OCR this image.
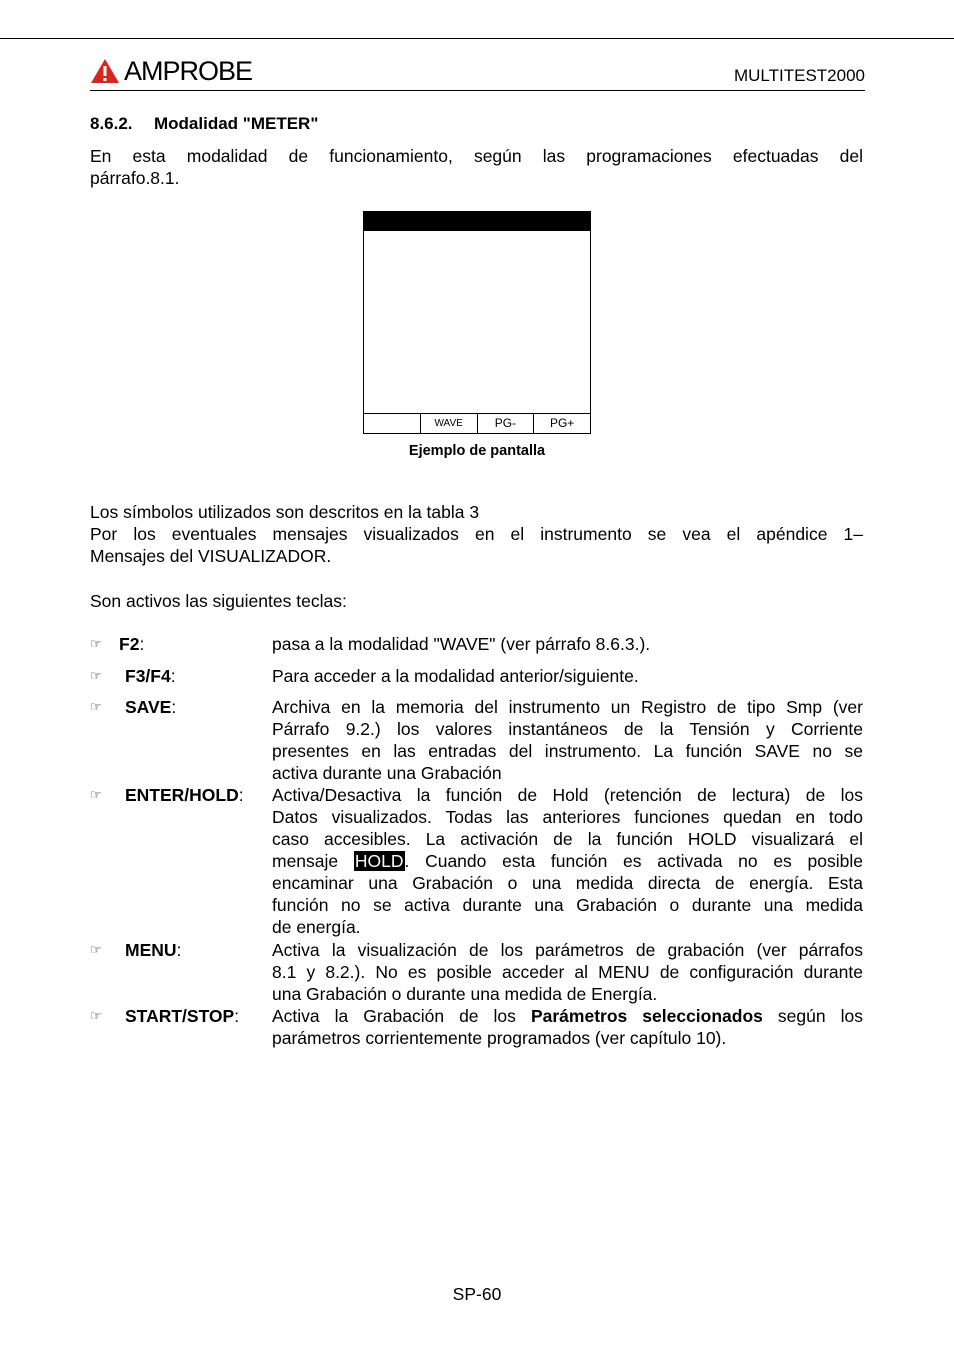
AMPROBE	MULTITEST2000
8.6.2. Modalidad "METER"
En esta modalidad de funcionamiento, según las programaciones efectuadas del
párrafo.8.1.
WAVE	PG-	PG+
Ejemplo de pantalla
Los símbolos utilizados son descritos en la tabla 3
Por los eventuales mensajes visualizados en el instrumento se vea el apéndice 1–
Mensajes del VISUALIZADOR.
Son activos las siguientes teclas:
☞ F2:	pasa a la modalidad "WAVE" (ver párrafo 8.6.3.).
☞ F3/F4:	Para acceder a la modalidad anterior/siguiente.
☞ SAVE:	Archiva en la memoria del instrumento un Registro de tipo Smp (ver
Párrafo 9.2.) los valores instantáneos de la Tensión y Corriente
presentes en las entradas del instrumento. La función SAVE no se
activa durante una Grabación
☞ ENTER/HOLD: Activa/Desactiva la función de Hold (retención de lectura) de los
Datos visualizados. Todas las anteriores funciones quedan en todo
caso accesibles. La activación de la función HOLD visualizará el
mensaje HOLD. Cuando esta función es activada no es posible
encaminar una Grabación o una medida directa de energía. Esta
función no se activa durante una Grabación o durante una medida
de energía.
☞ MENU:	Activa la visualización de los parámetros de grabación (ver párrafos
8.1 y 8.2.). No es posible acceder al MENU de configuración durante
una Grabación o durante una medida de Energía.
☞ START/STOP: Activa la Grabación de los Parámetros seleccionados según los
parámetros corrientemente programados (ver capítulo 10).
SP-60
